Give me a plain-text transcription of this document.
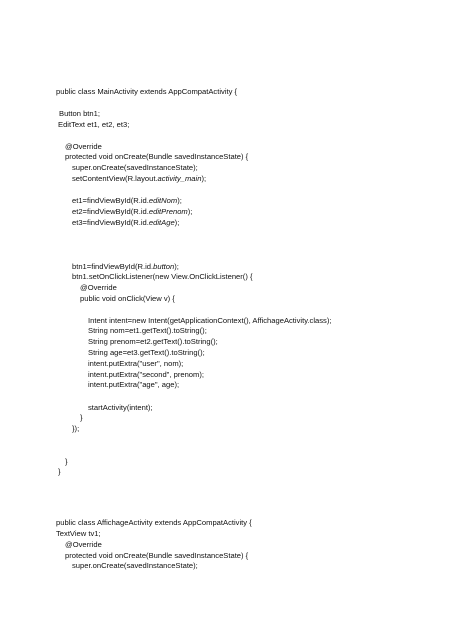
public class MainActivity extends AppCompatActivity {
Button btn1;
EditText et1, et2, et3;
@Override
protected void onCreate(Bundle savedInstanceState) {
super.onCreate(savedInstanceState);
setContentView(R.layout.activity_main);
et1=findViewById(R.id.editNom);
et2=findViewById(R.id.editPrenom);
et3=findViewById(R.id.editAge);
btn1=findViewById(R.id.button);
btn1.setOnClickListener(new View.OnClickListener() {
@Override
public void onClick(View v) {
Intent intent=new Intent(getApplicationContext(), AffichageActivity.class);
String nom=et1.getText().toString();
String prenom=et2.getText().toString();
String age=et3.getText().toString();
intent.putExtra("user", nom);
intent.putExtra("second", prenom);
intent.putExtra("age", age);
startActivity(intent);
}
});
}
}
public class AffichageActivity extends AppCompatActivity {
TextView tv1;
@Override
protected void onCreate(Bundle savedInstanceState) {
super.onCreate(savedInstanceState);
